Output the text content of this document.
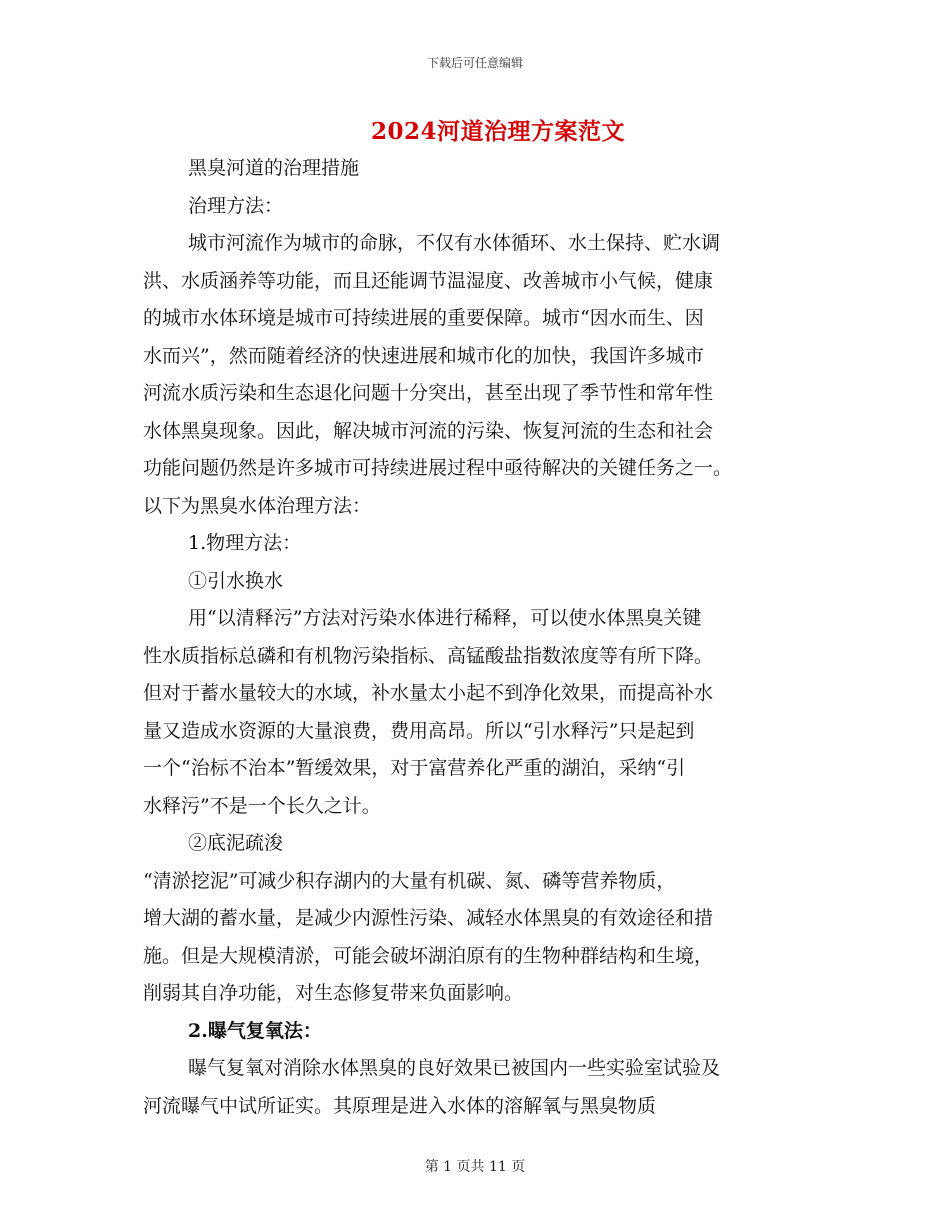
下载后可任意编辑
2024河道治理方案范文
黑臭河道的治理措施
治理方法：
城市河流作为城市的命脉，不仅有水体循环、水土保持、贮水调
洪、水质涵养等功能，而且还能调节温湿度、改善城市小气候，健康
的城市水体环境是城市可持续进展的重要保障。城市“因水而生、因
水而兴”，然而随着经济的快速进展和城市化的加快，我国许多城市
河流水质污染和生态退化问题十分突出，甚至出现了季节性和常年性
水体黑臭现象。因此，解决城市河流的污染、恢复河流的生态和社会
功能问题仍然是许多城市可持续进展过程中亟待解决的关键任务之一。
以下为黑臭水体治理方法：
1.物理方法：
①引水换水
用“以清释污”方法对污染水体进行稀释，可以使水体黑臭关键
性水质指标总磷和有机物污染指标、高锰酸盐指数浓度等有所下降。
但对于蓄水量较大的水域，补水量太小起不到净化效果，而提高补水
量又造成水资源的大量浪费，费用高昂。所以“引水释污”只是起到
一个“治标不治本”暂缓效果，对于富营养化严重的湖泊，采纳“引
水释污”不是一个长久之计。
②底泥疏浚
“清淤挖泥”可减少积存湖内的大量有机碳、氮、磷等营养物质，
增大湖的蓄水量，是减少内源性污染、减轻水体黑臭的有效途径和措
施。但是大规模清淤，可能会破坏湖泊原有的生物种群结构和生境，
削弱其自净功能，对生态修复带来负面影响。
2.曝气复氧法：
曝气复氧对消除水体黑臭的良好效果已被国内一些实验室试验及
河流曝气中试所证实。其原理是进入水体的溶解氧与黑臭物质
第 1 页共 11 页
